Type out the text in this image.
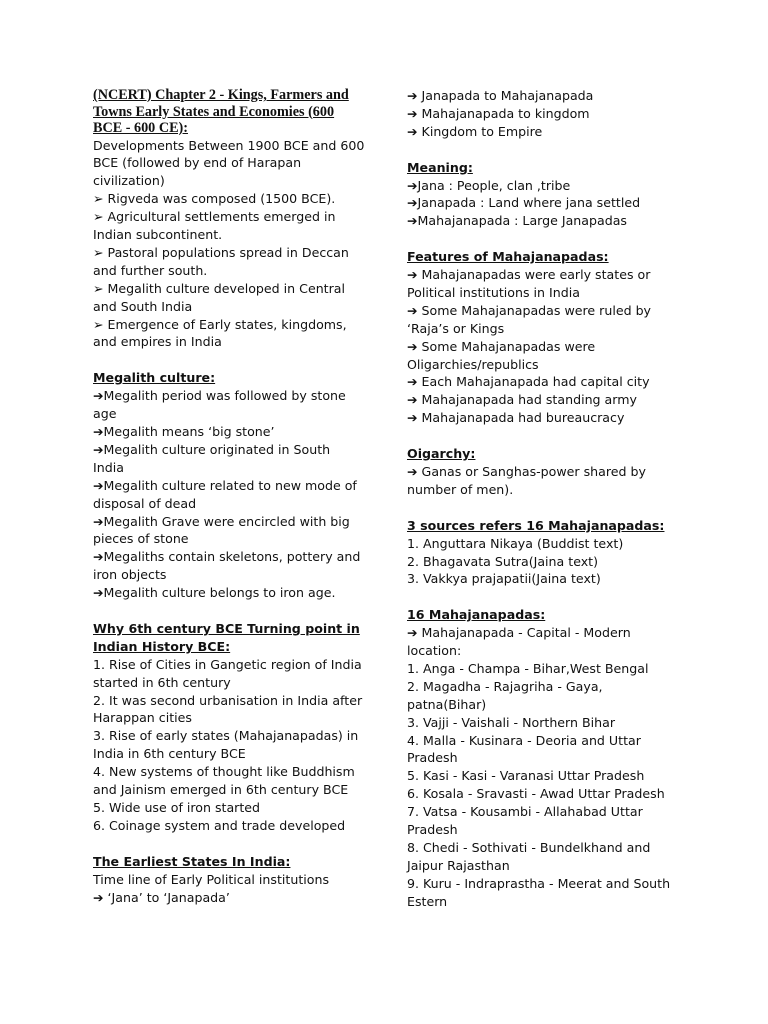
(NCERT) Chapter 2 - Kings, Farmers and Towns Early States and Economies (600 BCE - 600 CE):
Developments Between 1900 BCE and 600 BCE (followed by end of Harapan civilization)
➢ Rigveda was composed (1500 BCE).
➢ Agricultural settlements emerged in Indian subcontinent.
➢ Pastoral populations spread in Deccan and further south.
➢ Megalith culture developed in Central and South India
➢ Emergence of Early states, kingdoms, and empires in India
Megalith culture:
➔Megalith period was followed by stone age
➔Megalith means ‘big stone’
➔Megalith culture originated in South India
➔Megalith culture related to new mode of disposal of dead
➔Megalith Grave were encircled with big pieces of stone
➔Megaliths contain skeletons, pottery and iron objects
➔Megalith culture belongs to iron age.
Why 6th century BCE Turning point in Indian History BCE:
1. Rise of Cities in Gangetic region of India started in 6th century
2. It was second urbanisation in India after Harappan cities
3. Rise of early states (Mahajanapadas) in India in 6th century BCE
4. New systems of thought like Buddhism and Jainism emerged in 6th century BCE
5. Wide use of iron started
6. Coinage system and trade developed
The Earliest States In India:
Time line of Early Political institutions
➔ ‘Jana’ to ‘Janapada’
➔ Janapada to Mahajanapada
➔ Mahajanapada to kingdom
➔ Kingdom to Empire
Meaning:
➔Jana : People, clan ,tribe
➔Janapada : Land where jana settled
➔Mahajanapada : Large Janapadas
Features of Mahajanapadas:
➔ Mahajanapadas were early states or Political institutions in India
➔ Some Mahajanapadas were ruled by ‘Raja’s or Kings
➔ Some Mahajanapadas were Oligarchies/republics
➔ Each Mahajanapada had capital city
➔ Mahajanapada had standing army
➔ Mahajanapada had bureaucracy
Oigarchy:
➔ Ganas or Sanghas-power shared by number of men).
3 sources refers 16 Mahajanapadas:
1. Anguttara Nikaya (Buddist text)
2. Bhagavata Sutra(Jaina text)
3. Vakkya prajapatii(Jaina text)
16 Mahajanapadas:
➔ Mahajanapada - Capital - Modern location:
1. Anga - Champa - Bihar,West Bengal
2. Magadha - Rajagriha - Gaya, patna(Bihar)
3. Vajji - Vaishali - Northern Bihar
4. Malla - Kusinara - Deoria and Uttar Pradesh
5. Kasi - Kasi - Varanasi Uttar Pradesh
6. Kosala - Sravasti - Awad Uttar Pradesh
7. Vatsa - Kousambi - Allahabad Uttar Pradesh
8. Chedi - Sothivati - Bundelkhand and Jaipur Rajasthan
9. Kuru - Indraprastha - Meerat and South Estern
